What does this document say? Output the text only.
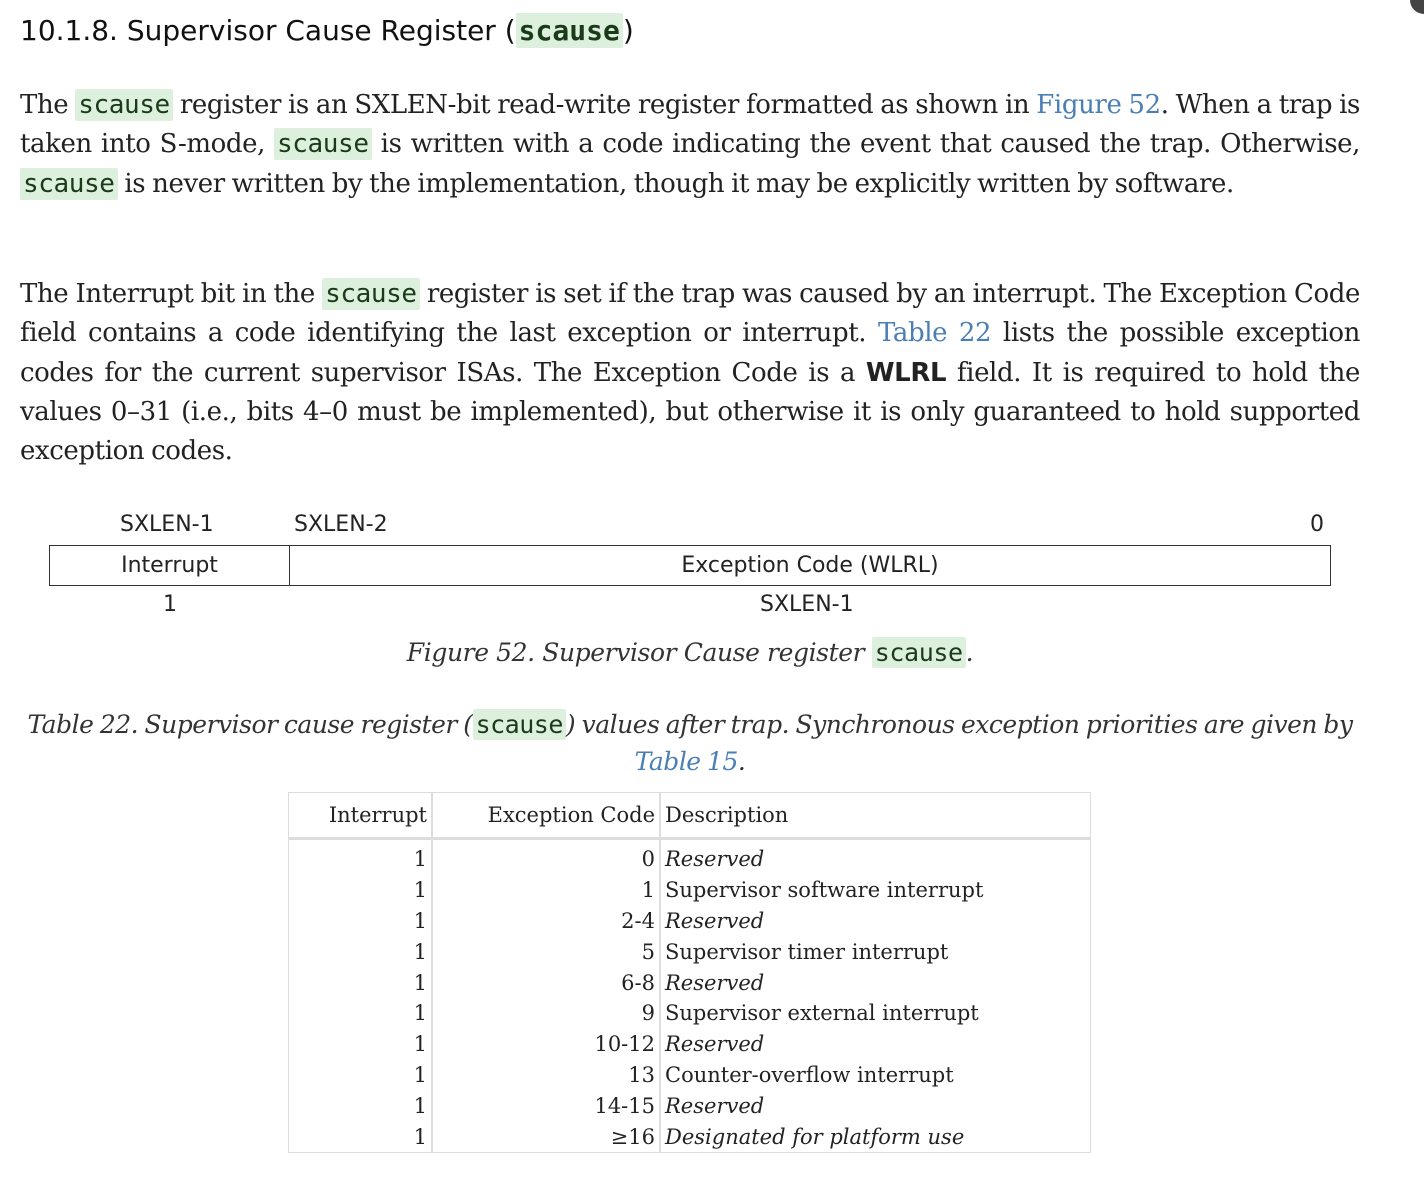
10.1.8. Supervisor Cause Register ( scause )

The scause register is an SXLEN-bit read-write register formatted as shown in Figure 52. When a trap is taken into S-mode, scause is written with a code indicating the event that caused the trap. Otherwise, scause is never written by the implementation, though it may be explicitly written by software.

The Interrupt bit in the scause register is set if the trap was caused by an interrupt. The Exception Code field contains a code identifying the last exception or interrupt. Table 22 lists the possible exception codes for the current supervisor ISAs. The Exception Code is a WLRL field. It is required to hold the values 0–31 (i.e., bits 4–0 must be implemented), but otherwise it is only guaranteed to hold supported exception codes.

SXLEN-1	SXLEN-2	0
Interrupt	Exception Code (WLRL)
1	SXLEN-1
Figure 52. Supervisor Cause register scause .
Table 22. Supervisor cause register ( scause ) values after trap. Synchronous exception priorities are given by Table 15.
Interrupt	Exception Code	Description
1	0	Reserved
1	1	Supervisor software interrupt
1	2-4	Reserved
1	5	Supervisor timer interrupt
1	6-8	Reserved
1	9	Supervisor external interrupt
1	10-12	Reserved
1	13	Counter-overflow interrupt
1	14-15	Reserved
1	≥16	Designated for platform use
